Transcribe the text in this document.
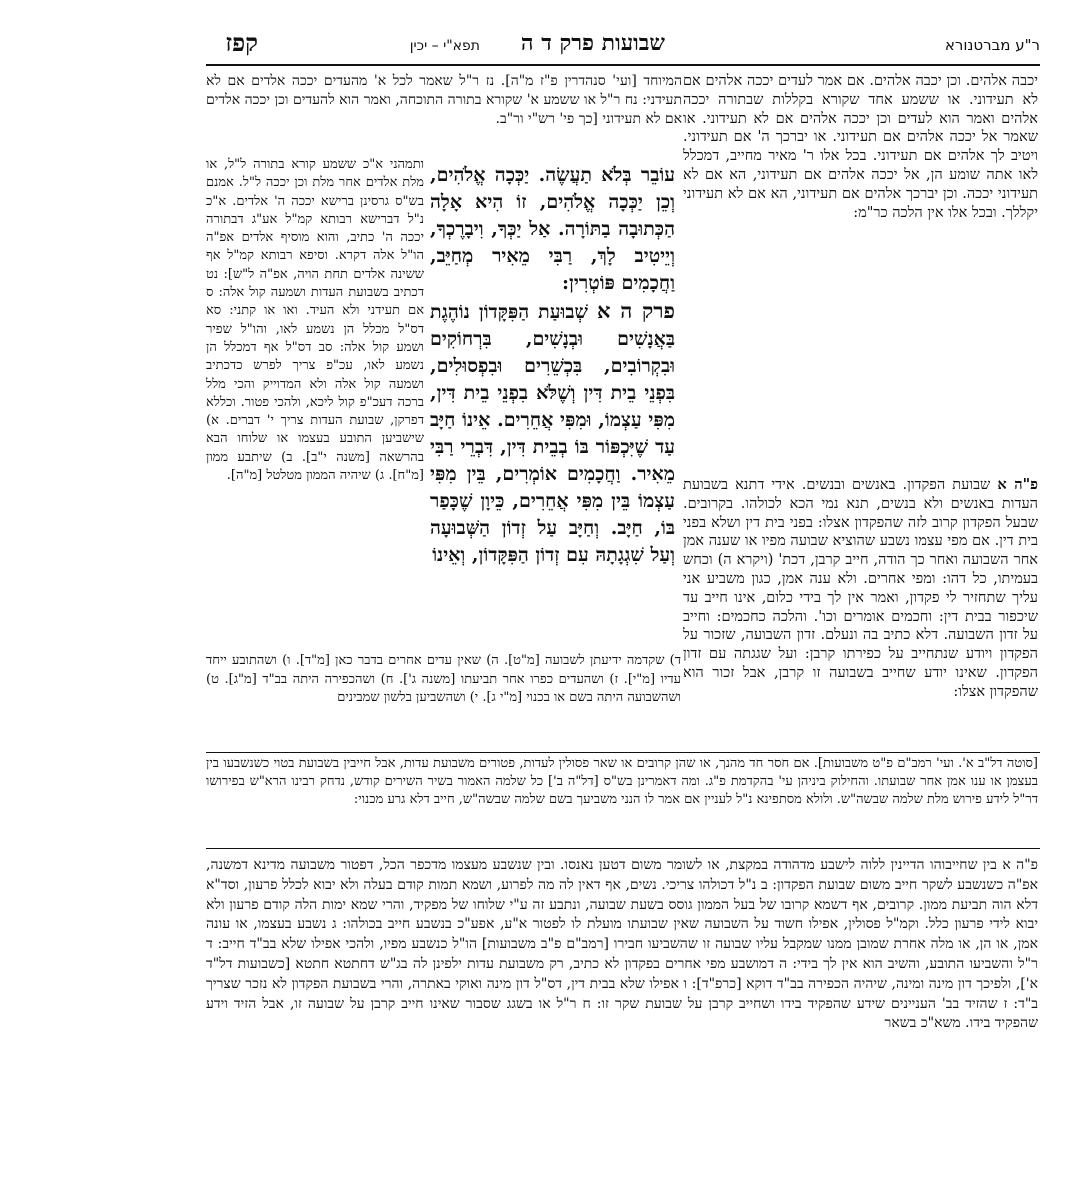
ר"ע מברטנורא
שבועות פרק ד ה
תפא"י – יכין
קפז

יכבה אלהים. וכן יכבה אלהים. אם אמר לעדים יככה אלהים אם לא תעידוני. או ששמע אחד שקורא בקללות שבתורה יככה אלהים ואמר הוא לעדים וכן יככה אלהים אם לא תעידוני. או שאמר אל יככה אלהים אם תעידוני. או יברכך ה' אם תעידוני. ויטיב לך אלהים אם תעידוני. בכל אלו ר' מאיר מחייב, דמכלל לאו אתה שומע הן, אל יככה אלהים אם תעידוני, הא אם לא תעידוני יככה. וכן יברכך אלהים אם תעידוני, הא אם לא תעידוני יקללך. ובכל אלו אין הלכה כר"מ:

המיוחד [ועי' סנהדרין פ"ז מ"ה]. נז ר"ל שאמר לכל א' מהעדים יככה אלדים אם לא תעידני: נח ר"ל או ששמע א' שקורא בתורה התוכחה, ואמר הוא להעדים וכן יככה אלדים אם לא תעידוני [כך פי' רש"י ור"ב.

ותמהני א"כ ששמע קורא בתורה ל"ל, או מלת אלדים אחר מלת וכן יככה ל"ל. אמנם בש"ס גרסינן ברישא יככה ה' אלדים. א"כ נ"ל דברישא רבותא קמ"ל אע"ג דבתורה יככה ה' כתיב, והוא מוסיף אלדים אפ"ה הו"ל אלה דקרא. וסיפא רבותא קמ"ל אף ששינה אלדים תחת הויה, אפ"ה ל"ש]: נט דכתיב בשבועת העדות ושמעה קול אלה: ס אם תעידני ולא העיד. ואו או קתני: סא דס"ל מכלל הן נשמע לאו, והו"ל שפיר ושמע קול אלה: סב דס"ל אף דמכלל הן נשמע לאו, עכ"פ צריך לפרש כדכתיב ושמעה קול אלה ולא המדוייק והכי מלל ברכה דעכ"פ קול ליכא, ולהכי פטור. וכללא דפרקן, שבועת העדות צריך י' דברים. א) שישביען התובע בעצמו או שלוחו הבא בהרשאה [משנה י"ב]. ב) שיתבע ממון [מ"ח]. ג) שיהיה הממון מטלטל [מ"ה].

עוֹבֵר בְּלֹא תַעֲשֶׂה. יַכְּכָה אֱלֹהִים, וְכֵן יַכְּכָה אֱלֹהִים, זוֹ הִיא אָלָה הַכְּתוּבָה בַתּוֹרָה. אַל יַכְּךָ, וִיבָרֶכְךָ, וְיֵיטִיב לָךְ, רַבִּי מֵאִיר מְחַיֵּב, וַחֲכָמִים פּוֹטְרִין:

פרק ה א שְׁבוּעַת הַפִּקָּדוֹן נוֹהֶגֶת בַּאֲנָשִׁים וּבְנָשִׁים, בִּרְחוֹקִים וּבִקְרוֹבִים, בִּכְשֵׁרִים וּבִפְסוּלִים, בִּפְנֵי בֵית דִּין וְשֶׁלֹּא בִפְנֵי בֵית דִּין, מִפִּי עַצְמוֹ, וּמִפִּי אֲחֵרִים. אֵינוֹ חַיָּב עַד שֶׁיִּכְפּוֹר בּוֹ בְבֵית דִּין, דִּבְרֵי רַבִּי מֵאִיר. וַחֲכָמִים אוֹמְרִים, בֵּין מִפִּי עַצְמוֹ בֵּין מִפִּי אֲחֵרִים, כֵּיוָן שֶׁכָּפַר בּוֹ, חַיָּב. וְחַיָּב עַל זְדוֹן הַשְּׁבוּעָה וְעַל שִׁגְגָתָהּ עִם זְדוֹן הַפִּקָּדוֹן, וְאֵינוֹ

פ"ה א שבועת הפקדון. באנשים ובנשים. אידי דתנא בשבועת העדות באנשים ולא בנשים, תנא נמי הכא לכולהו. בקרובים. שבעל הפקדון קרוב לזה שהפקדון אצלו: בפני בית דין ושלא בפני בית דין. אם מפי עצמו נשבע שהוציא שבועה מפיו או שענה אמן אחר השבועה ואחר כך הודה, חייב קרבן, דכת' (ויקרא ה) וכחש בעמיתו, כל דהו: ומפי אחרים. ולא ענה אמן, כגון משביע אני עליך שתחזיר לי פקדון, ואמר אין לך בידי כלום, אינו חייב עד שיכפור בבית דין: וחכמים אומרים וכו'. והלכה כחכמים: וחייב על זדון השבועה. דלא כתיב בה ונעלם. זדון השבועה, שזכור על הפקדון ויודע שנתחייב על כפירתו קרבן: ועל שגגתה עם זדון הפקדון. שאינו יודע שחייב בשבועה זו קרבן, אבל זכור הוא שהפקדון אצלו:

ד) שקדמה ידיעתן לשבועה [מ"ט]. ה) שאין עדים אחרים בדבר כאן [מ"ד]. ו) ושהתובע ייחד עדיו [מ"י]. ז) ושהעדים כפרו אחר תביעתו [משנה ג']. ח) ושהכפירה היתה בב"ד [מ"ג]. ט) ושהשבועה היתה בשם או בכנוי [מ"י ג]. י) ושהשביען בלשון שמבינים

[סוטה דל"ב א'. ועי' רמב"ם פ"ט משבועות]. אם חסר חד מהנך, או שהן קרובים או שאר פסולין לעדות, פטורים משבועת עדות, אבל חייבין בשבועת בטוי כשנשבעו בין בעצמן או ענו אמן אחר שבועתו. והחילוק ביניהן עי' בהקדמת פ"ג. ומה דאמרינן בש"ס [דל"ה ב'] כל שלמה האמור בשיר השירים קודש, נדחק רבינו הרא"ש בפירושו דר"ל לידע פירוש מלת שלמה שבשה"ש. ולולא מסתפינא נ"ל לעניין אם אמר לו הנני משביעך בשם שלמה שבשה"ש, חייב דלא גרע מכנוי:

פ"ה א בין שחייבוהו הדיינין ללוה לישבע מדהודה במקצת, או לשומר משום דטען נאנסו. ובין שנשבע מעצמו מדכפר הכל, דפטור משבועה מדינא דמשנה, אפ"ה כשנשבע לשקר חייב משום שבועת הפקדון: ב נ"ל דכולהו צריכי. נשים, אף דאין לה מה לפרוע, ושמא תמות קודם בעלה ולא יבוא לכלל פרעון, וסד"א דלא הוה תביעת ממון. קרובים, אף דשמא קרובו של בעל הממון גוסס בשעת שבועה, ונתבע זה ע"י שלוחו של מפקיד, והרי שמא ימות הלה קודם פרעון ולא יבוא לידי פרעון כלל. וקמ"ל פסולין, אפילו חשוד על השבועה שאין שבועתו מועלת לו לפטור א"ע, אפע"כ בנשבע חייב בכולהו: ג נשבע בעצמו, או עונה אמן, או הן, או מלה אחרת שמובן ממנו שמקבל עליו שבועה זו שהשביעו חבירו [רמב"ם פ"ב משבועות] הו"ל כנשבע מפיו, ולהכי אפילו שלא בב"ד חייב: ד ר"ל והשביעו התובע, והשיב הוא אין לך בידי: ה דמושבע מפי אחרים בפקדון לא כתיב, רק משבועת עדות ילפינן לה בג"ש דחתטא חתטא [כשבועות דל"ד א'], ולפיכך דון מינה ומינה, שיהיה הכפירה בב"ד דוקא [כרפ"ד]: ו אפילו שלא בבית דין, דס"ל דון מינה ואוקי באתרה, והרי בשבועת הפקדון לא נזכר שצריך ב"ד: ז שהזיד בב' העניינים שידע שהפקיד בידו ושחייב קרבן על שבועת שקר זו: ח ר"ל או בשגג שסבור שאינו חייב קרבן על שבועה זו, אבל הזיד וידע שהפקיד בידו. משא"כ בשאר
